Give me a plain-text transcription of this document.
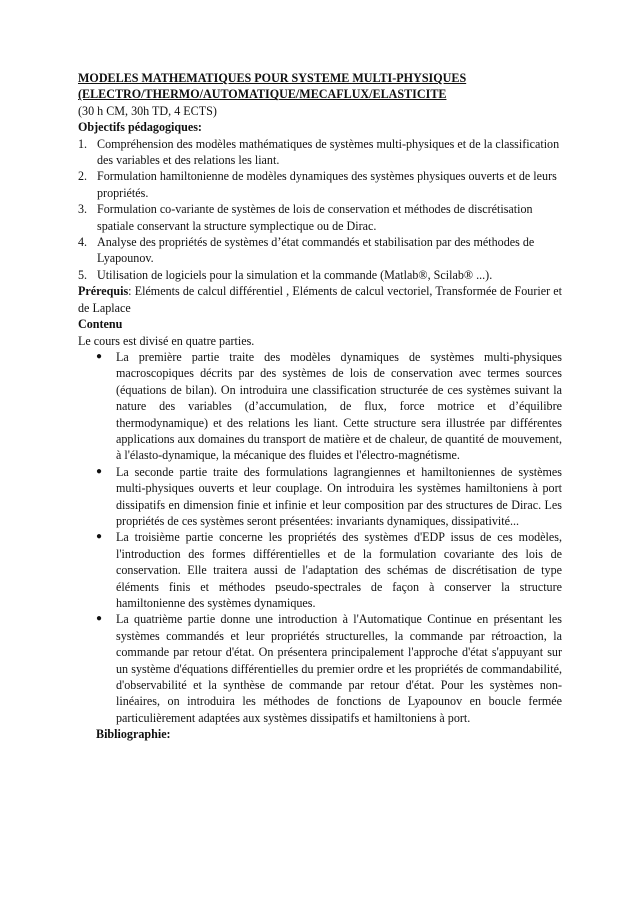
MODELES MATHEMATIQUES POUR SYSTEME MULTI-PHYSIQUES

(ELECTRO/THERMO/AUTOMATIQUE/MECAFLUX/ELASTICITE

(30 h CM, 30h TD, 4 ECTS)

Objectifs pédagogiques:

1. Compréhension des modèles mathématiques de systèmes multi-physiques et de la classification des variables et des relations les liant.
2. Formulation hamiltonienne de modèles dynamiques des systèmes physiques ouverts et de leurs propriétés.
3. Formulation co-variante de systèmes de lois de conservation et méthodes de discrétisation spatiale conservant la structure symplectique ou de Dirac.
4. Analyse des propriétés de systèmes d’état commandés et stabilisation par des méthodes de Lyapounov.
5. Utilisation de logiciels pour la simulation et la commande (Matlab®, Scilab® ...).

Prérequis: Eléments de calcul différentiel , Eléments de calcul vectoriel, Transformée de Fourier et de Laplace

Contenu

Le cours est divisé en quatre parties.

● La première partie traite des modèles dynamiques de systèmes multi-physiques macroscopiques décrits par des systèmes de lois de conservation avec termes sources (équations de bilan). On introduira une classification structurée de ces systèmes suivant la nature des variables (d’accumulation, de flux, force motrice et d’équilibre thermodynamique) et des relations les liant. Cette structure sera illustrée par différentes applications aux domaines du transport de matière et de chaleur, de quantité de mouvement, à l'élasto-dynamique, la mécanique des fluides et l'électro-magnétisme.
● La seconde partie traite des formulations lagrangiennes et hamiltoniennes de systèmes multi-physiques ouverts et leur couplage. On introduira les systèmes hamiltoniens à port dissipatifs en dimension finie et infinie et leur composition par des structures de Dirac. Les propriétés de ces systèmes seront présentées: invariants dynamiques, dissipativité...
● La troisième partie concerne les propriétés des systèmes d'EDP issus de ces modèles, l'introduction des formes différentielles et de la formulation covariante des lois de conservation. Elle traitera aussi de l'adaptation des schémas de discrétisation de type éléments finis et méthodes pseudo-spectrales de façon à conserver la structure hamiltonienne des systèmes dynamiques.
● La quatrième partie donne une introduction à l'Automatique Continue en présentant les systèmes commandés et leur propriétés structurelles, la commande par rétroaction, la commande par retour d'état. On présentera principalement l'approche d'état s'appuyant sur un système d'équations différentielles du premier ordre et les propriétés de commandabilité, d'observabilité et la synthèse de commande par retour d'état. Pour les systèmes non-linéaires, on introduira les méthodes de fonctions de Lyapounov en boucle fermée particulièrement adaptées aux systèmes dissipatifs et hamiltoniens à port.

Bibliographie:
